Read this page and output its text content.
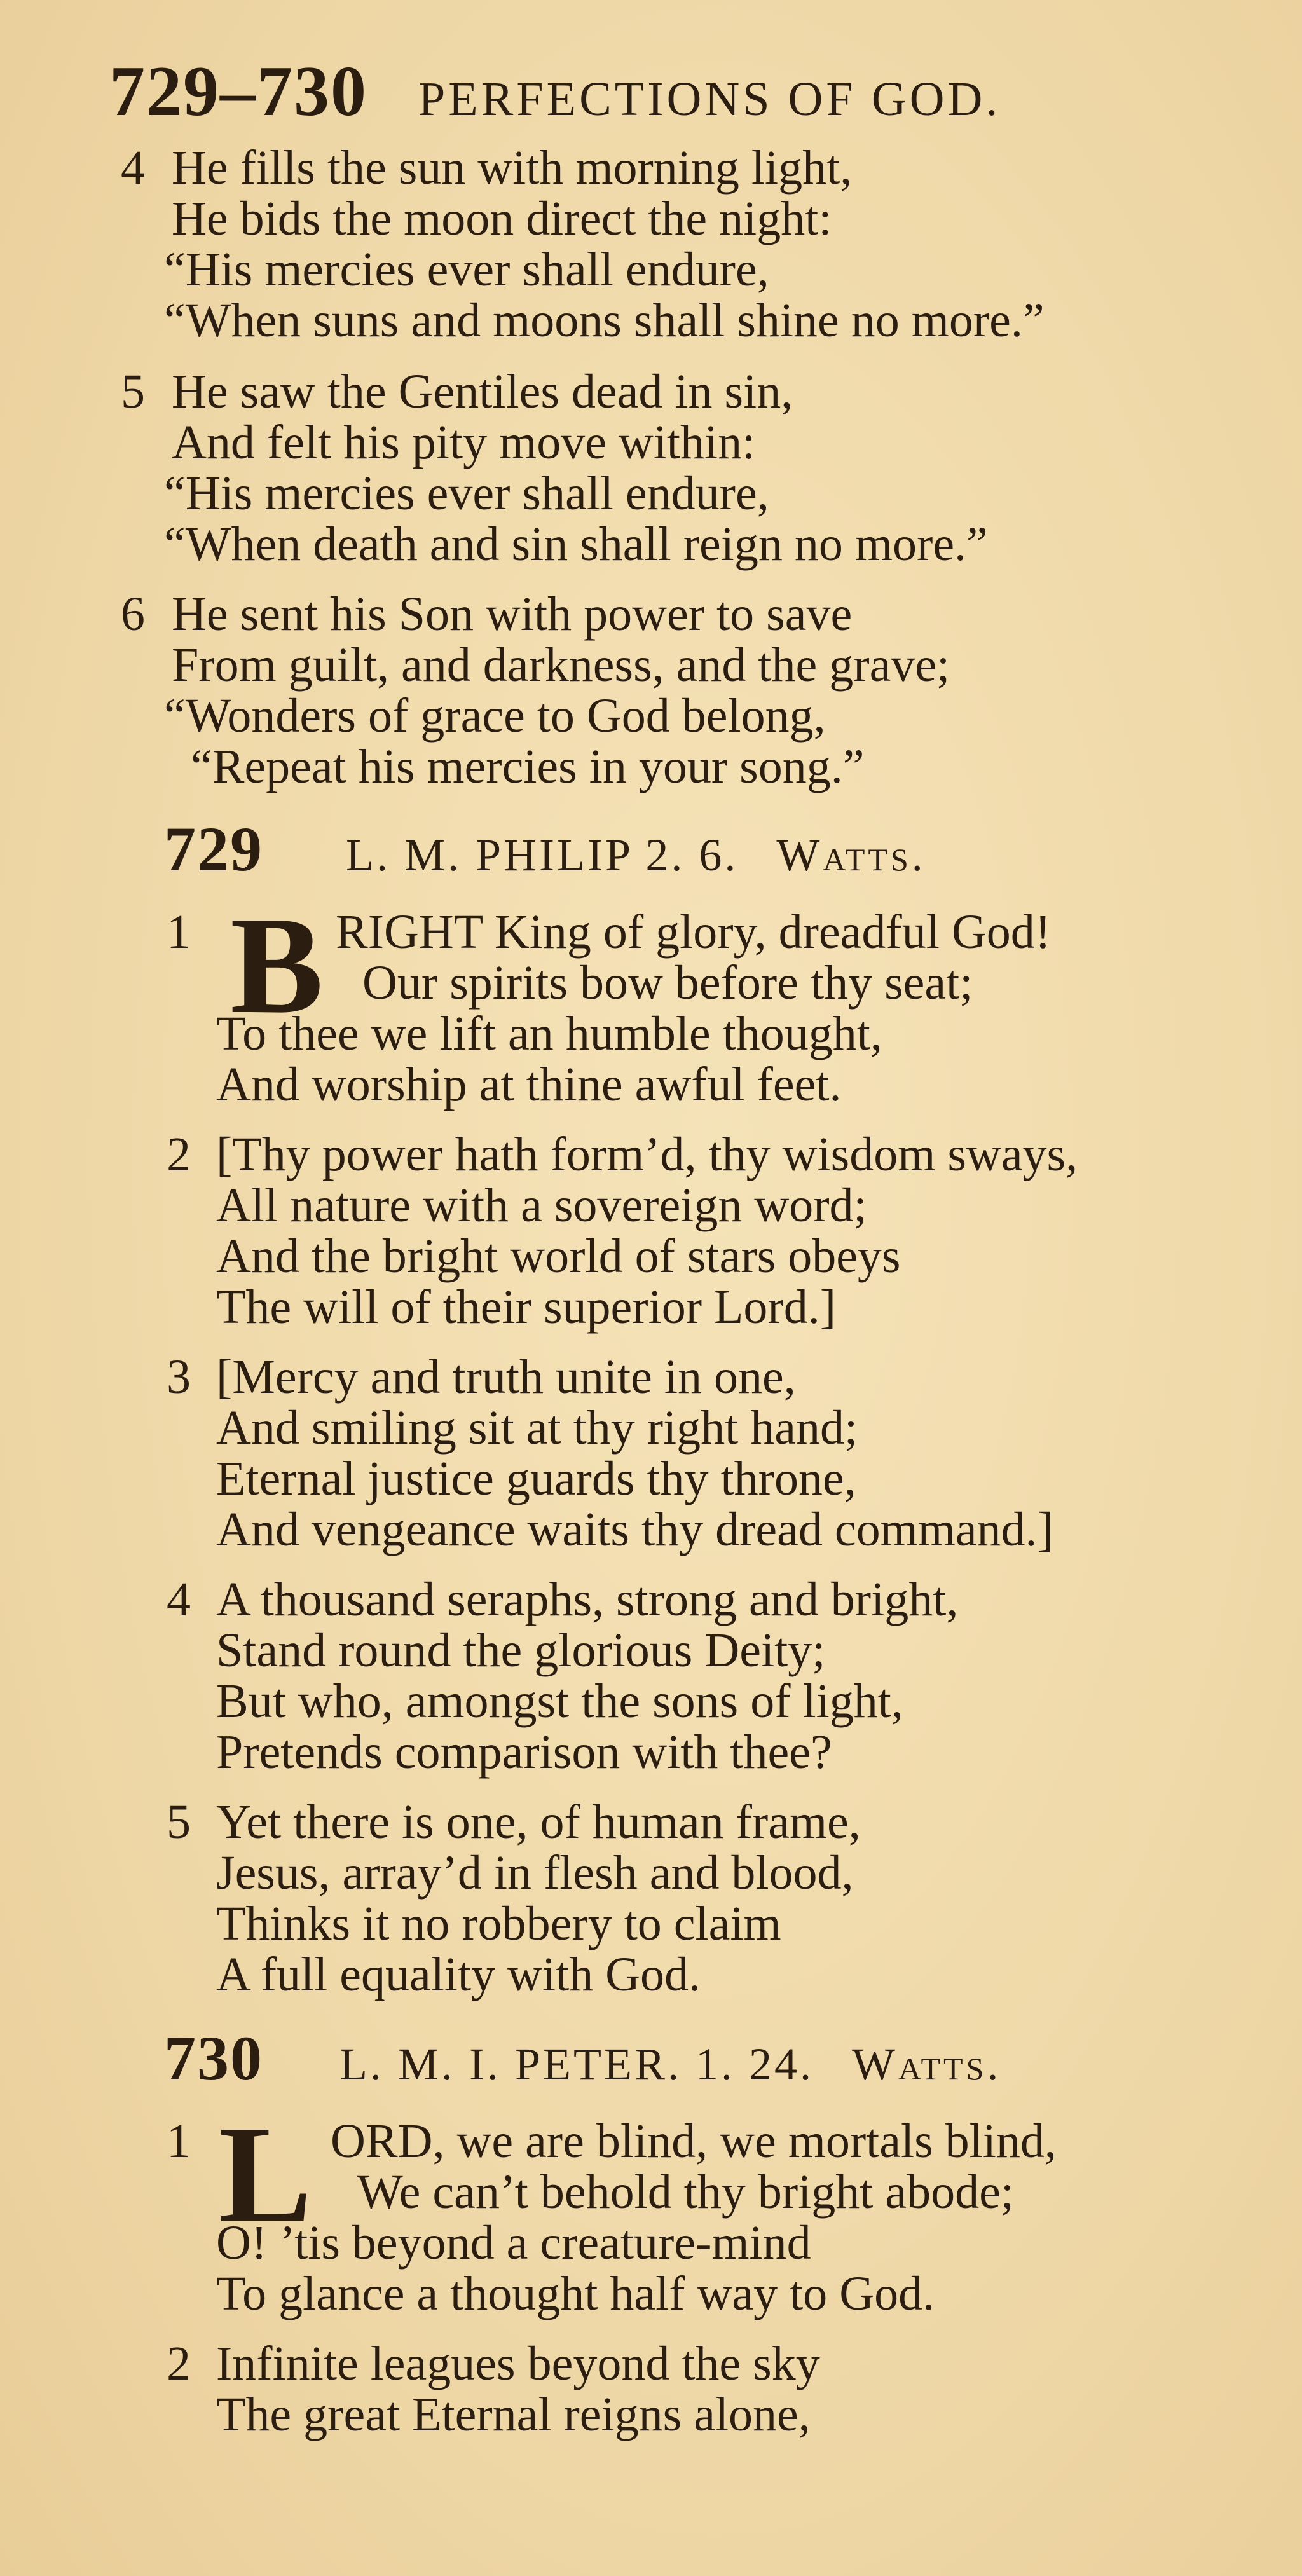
729–730 PERFECTIONS OF GOD.
4 He fills the sun with morning light,
He bids the moon direct the night:
“His mercies ever shall endure,
“When suns and moons shall shine no more.”
5 He saw the Gentiles dead in sin,
And felt his pity move within:
“His mercies ever shall endure,
“When death and sin shall reign no more.”
6 He sent his Son with power to save
From guilt, and darkness, and the grave;
“Wonders of grace to God belong,
“Repeat his mercies in your song.”
729 L. M. PHILIP 2. 6. Watts.
1 B RIGHT King of glory, dreadful God!
Our spirits bow before thy seat;
To thee we lift an humble thought,
And worship at thine awful feet.
2 [Thy power hath form’d, thy wisdom sways,
All nature with a sovereign word;
And the bright world of stars obeys
The will of their superior Lord.]
3 [Mercy and truth unite in one,
And smiling sit at thy right hand;
Eternal justice guards thy throne,
And vengeance waits thy dread command.]
4 A thousand seraphs, strong and bright,
Stand round the glorious Deity;
But who, amongst the sons of light,
Pretends comparison with thee?
5 Yet there is one, of human frame,
Jesus, array’d in flesh and blood,
Thinks it no robbery to claim
A full equality with God.
730 L. M. I. PETER. 1. 24. Watts.
1 L ORD, we are blind, we mortals blind,
We can’t behold thy bright abode;
O! ’tis beyond a creature-mind
To glance a thought half way to God.
2 Infinite leagues beyond the sky
The great Eternal reigns alone,
